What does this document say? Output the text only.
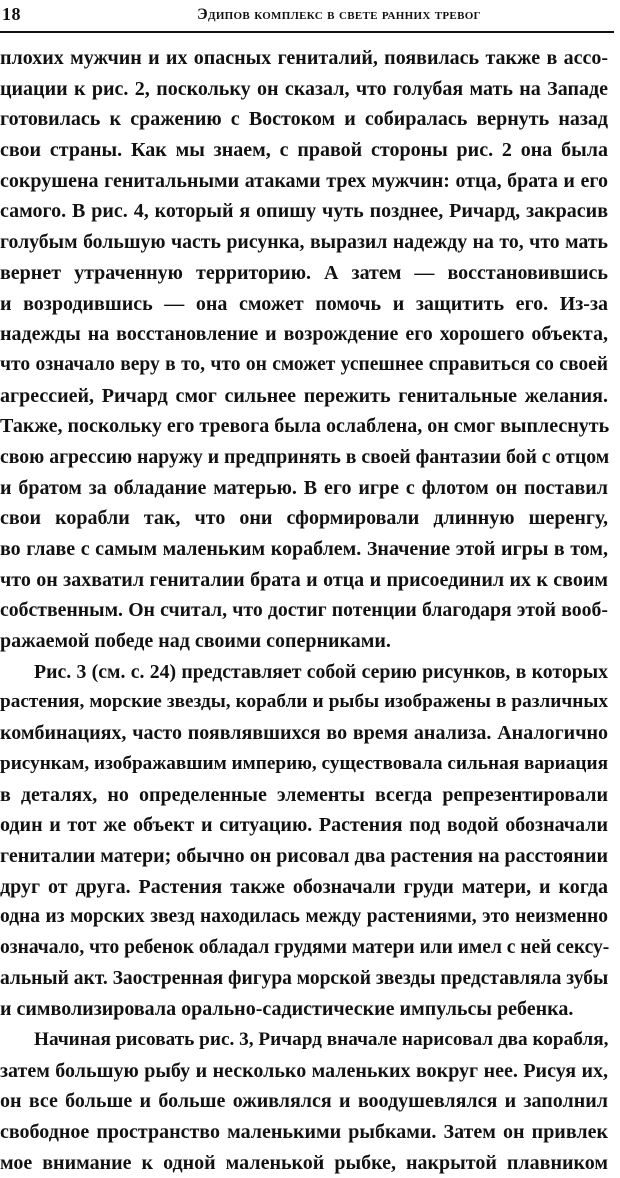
18	Эдипов комплекс в свете ранних тревог
плохих мужчин и их опасных гениталий, появилась также в ассо-
циации к рис. 2, поскольку он сказал, что голубая мать на Западе
готовилась к сражению с Востоком и собиралась вернуть назад
свои страны. Как мы знаем, с правой стороны рис. 2 она была
сокрушена генитальными атаками трех мужчин: отца, брата и его
самого. В рис. 4, который я опишу чуть позднее, Ричард, закрасив
голубым большую часть рисунка, выразил надежду на то, что мать
вернет утраченную территорию. А затем — восстановившись
и возродившись — она сможет помочь и защитить его. Из-за
надежды на восстановление и возрождение его хорошего объекта,
что означало веру в то, что он сможет успешнее справиться со своей
агрессией, Ричард смог сильнее пережить генитальные желания.
Также, поскольку его тревога была ослаблена, он смог выплеснуть
свою агрессию наружу и предпринять в своей фантазии бой с отцом
и братом за обладание матерью. В его игре с флотом он поставил
свои корабли так, что они сформировали длинную шеренгу,
во главе с самым маленьким кораблем. Значение этой игры в том,
что он захватил гениталии брата и отца и присоединил их к своим
собственным. Он считал, что достиг потенции благодаря этой вооб-
ражаемой победе над своими соперниками.
Рис. 3 (см. с. 24) представляет собой серию рисунков, в которых
растения, морские звезды, корабли и рыбы изображены в различных
комбинациях, часто появлявшихся во время анализа. Аналогично
рисункам, изображавшим империю, существовала сильная вариация
в деталях, но определенные элементы всегда репрезентировали
один и тот же объект и ситуацию. Растения под водой обозначали
гениталии матери; обычно он рисовал два растения на расстоянии
друг от друга. Растения также обозначали груди матери, и когда
одна из морских звезд находилась между растениями, это неизменно
означало, что ребенок обладал грудями матери или имел с ней сексу-
альный акт. Заостренная фигура морской звезды представляла зубы
и символизировала орально-садистические импульсы ребенка.
Начиная рисовать рис. 3, Ричард вначале нарисовал два корабля,
затем большую рыбу и несколько маленьких вокруг нее. Рисуя их,
он все больше и больше оживлялся и воодушевлялся и заполнил
свободное пространство маленькими рыбками. Затем он привлек
мое внимание к одной маленькой рыбке, накрытой плавником
